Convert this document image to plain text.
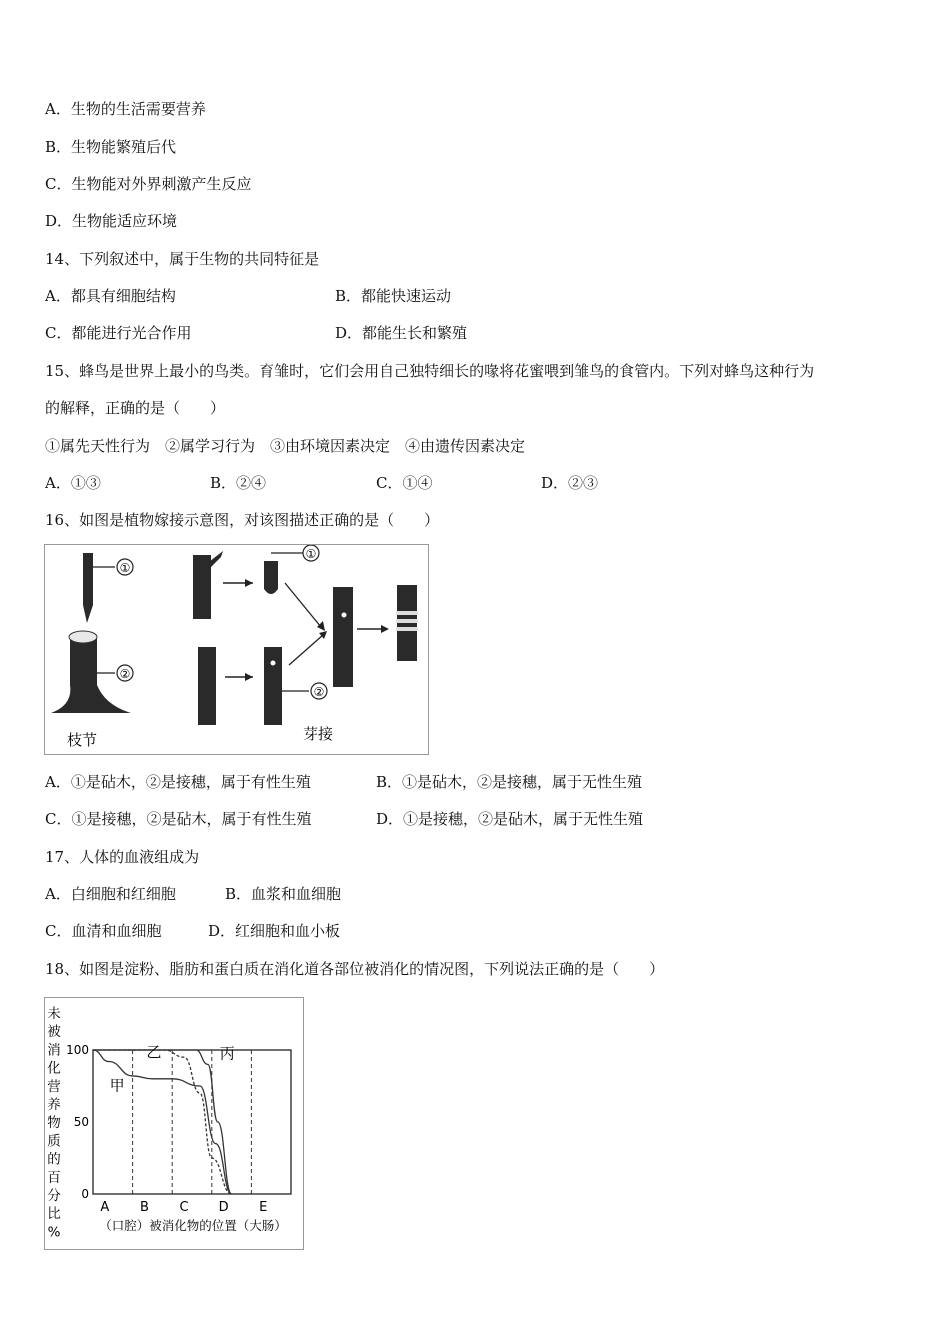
A．生物的生活需要营养
B．生物能繁殖后代
C．生物能对外界刺激产生反应
D．生物能适应环境
14、下列叙述中，属于生物的共同特征是
A．都具有细胞结构	B．都能快速运动
C．都能进行光合作用	D．都能生长和繁殖
15、蜂鸟是世界上最小的鸟类。育雏时，它们会用自己独特细长的喙将花蜜喂到雏鸟的食管内。下列对蜂鸟这种行为
的解释，正确的是（　　）
①属先天性行为　②属学习行为　③由环境因素决定　④由遗传因素决定
A．①③	B．②④	C．①④	D．②③
16、如图是植物嫁接示意图，对该图描述正确的是（　　）
①
②
枝节
①
②
芽接
A．①是砧木，②是接穗，属于有性生殖	B．①是砧木，②是接穗，属于无性生殖
C．①是接穗，②是砧木，属于有性生殖	D．①是接穗，②是砧木，属于无性生殖
17、人体的血液组成为
A．白细胞和红细胞	B．血浆和血细胞
C．血清和血细胞	D．红细胞和血小板
18、如图是淀粉、脂肪和蛋白质在消化道各部位被消化的情况图，下列说法正确的是（　　）
未
被
消
化
营
养
物
质
的
百
分
比
%
100
50
0
甲
乙	丙
A B C D E
（口腔）被消化物的位置（大肠）
